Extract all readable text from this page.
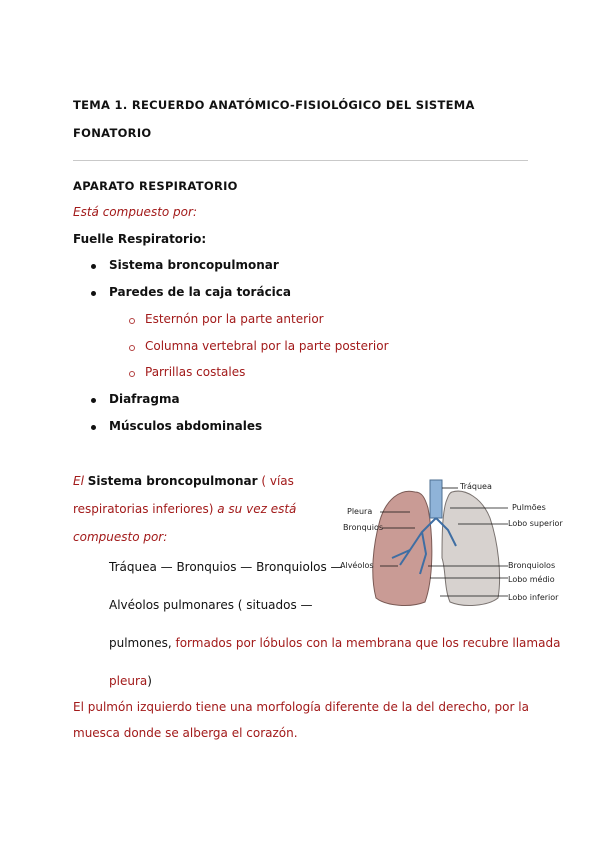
TEMA 1. RECUERDO ANATÓMICO-FISIOLÓGICO DEL SISTEMA
FONATORIO
APARATO RESPIRATORIO
Está compuesto por:
Fuelle Respiratorio:
Sistema broncopulmonar
Paredes de la caja torácica
Esternón por la parte anterior
Columna vertebral por la parte posterior
Parrillas costales
Diafragma
Músculos abdominales
El Sistema broncopulmonar ( vías
respiratorias inferiores) a su vez está
compuesto por:
Tráquea — Bronquios — Bronquiolos —
Alvéolos pulmonares ( situados —
pulmones, formados por lóbulos con la membrana que los recubre llamada
pleura)
El pulmón izquierdo tiene una morfología diferente de la del derecho, por la
muesca donde se alberga el corazón.
Tráquea
Pleura	Pulmões
Bronquios	Lobo superior
Alvéolos	Bronquiolos
Lobo médio
Lobo inferior
